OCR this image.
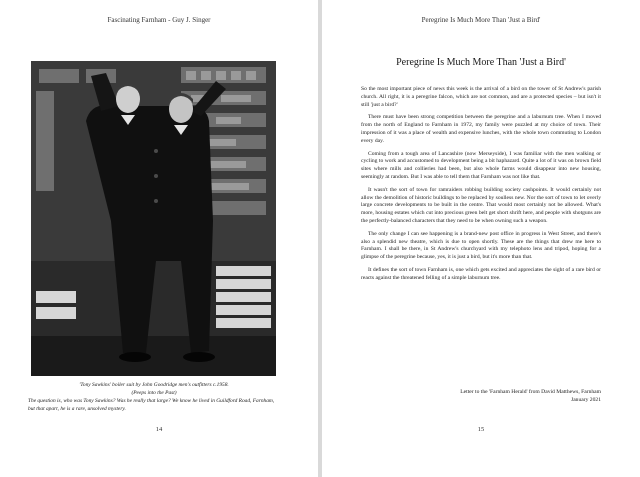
Fascinating Farnham - Guy J. Singer

'Tony Sawkins' boiler suit by John Goodridge men's outfitters c.1958.

(Peeps into the Past)

The question is, who was Tony Sawkins? Was he really that large? We know he lived in Guildford Road, Farnham, but that apart, he is a rare, unsolved mystery.

14
Peregrine Is Much More Than 'Just a Bird'
Peregrine Is Much More Than 'Just a Bird'

So the most important piece of news this week is the arrival of a bird on the tower of St Andrew's parish church. All right, it is a peregrine falcon, which are not common, and are a protected species – but isn't it still 'just a bird?'

There must have been strong competition between the peregrine and a laburnum tree. When I moved from the north of England to Farnham in 1972, my family were puzzled at my choice of town. Their impression of it was a place of wealth and expensive lunches, with the whole town commuting to London every day.

Coming from a tough area of Lancashire (now Merseyside), I was familiar with the men walking or cycling to work and accustomed to development being a bit haphazard. Quite a lot of it was on brown field sites where mills and collieries had been, but also whole farms would disappear into new housing, seemingly at random. But I was able to tell them that Farnham was not like that.

It wasn't the sort of town for ramraiders robbing building society cashpoints. It would certainly not allow the demolition of historic buildings to be replaced by soulless new. Nor the sort of town to let overly large concrete developments to be built in the centre. That would most certainly not be allowed. What's more, housing estates which cut into precious green belt get short shrift here, and people with shotguns are the perfectly-balanced characters that they need to be when owning such a weapon.

The only change I can see happening is a brand-new post office in progress in West Street, and there's also a splendid new theatre, which is due to open shortly. These are the things that drew me here to Farnham. I shall be there, in St Andrew's churchyard with my telephoto lens and tripod, hoping for a glimpse of the peregrine because, yes, it is just a bird, but it's more than that.

It defines the sort of town Farnham is, one which gets excited and appreciates the sight of a rare bird or reacts against the threatened felling of a simple laburnum tree.

Letter to the 'Farnham Herald' from David Matthews, Farnham
January 2021
15
